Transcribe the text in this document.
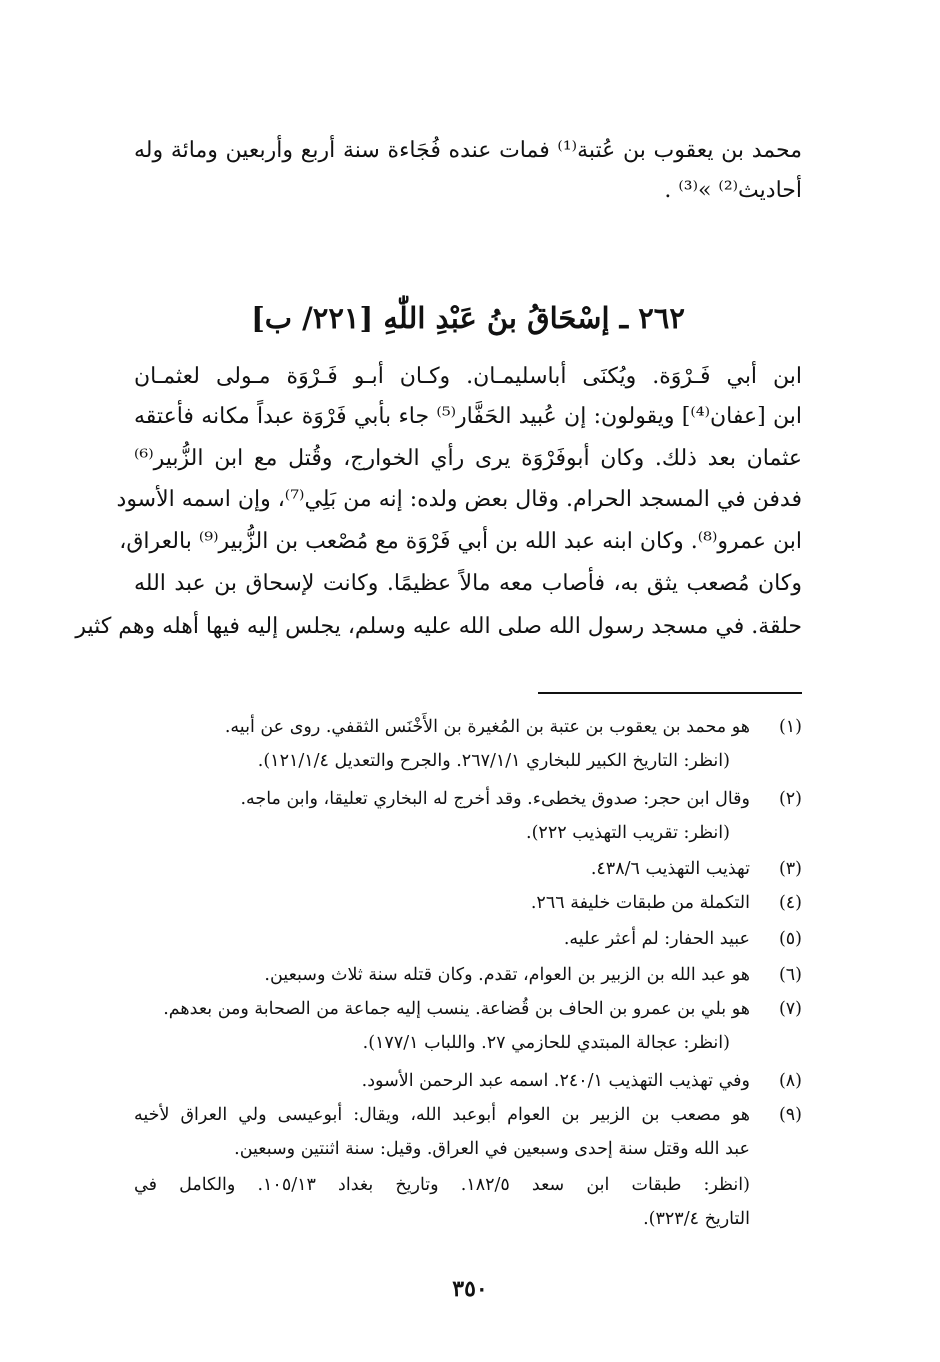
محمد بن يعقوب بن عُتبة⁽¹⁾ فمات عنده فُجَاءة سنة أربع وأربعين ومائة وله
أحاديث⁽²⁾ »⁽³⁾ .
٢٦٢ ـ إسْحَاقُ بنُ عَبْدِ اللّٰهِ [٢٢١/ ب]
ابن أبي فَـرْوَة. ويُكنَى أباسليمـان. وكـان أبـو فَـرْوَة مـولى لعثمـان
ابن [عفان⁽⁴⁾] ويقولون: إن عُبيد الحَفَّار⁽⁵⁾ جاء بأبي فَرْوَة عبداً مكانه فأعتقه
عثمان بعد ذلك. وكان أبوفَرْوَة يرى رأي الخوارج، وقُتل مع ابن الزُّبير⁽⁶⁾
فدفن في المسجد الحرام. وقال بعض ولده: إنه من بَلِي⁽⁷⁾، وإن اسمه الأسود
ابن عمرو⁽⁸⁾. وكان ابنه عبد الله بن أبي فَرْوَة مع مُصْعب بن الزُّبير⁽⁹⁾ بالعراق،
وكان مُصعب يثق به، فأصاب معه مالاً عظيمًا. وكانت لإسحاق بن عبد الله
حلقة. في مسجد رسول الله صلى الله عليه وسلم، يجلس إليه فيها أهله وهم كثير
(١)
هو محمد بن يعقوب بن عتبة بن المُغيرة بن الأَخْنَس الثقفي. روى عن أبيه.
(انظر: التاريخ الكبير للبخاري ٢٦٧/١/١. والجرح والتعديل ١٢١/١/٤).
(٢)
وقال ابن حجر: صدوق يخطىء. وقد أخرج له البخاري تعليقا، وابن ماجه.
(انظر: تقريب التهذيب ٢٢٢).
(٣)
تهذيب التهذيب ٤٣٨/٦.
(٤)
التكملة من طبقات خليفة ٢٦٦.
(٥)
عبيد الحفار: لم أعثر عليه.
(٦)
هو عبد الله بن الزبير بن العوام، تقدم. وكان قتله سنة ثلاث وسبعين.
(٧)
هو بلي بن عمرو بن الحاف بن قُضاعة. ينسب إليه جماعة من الصحابة ومن بعدهم.
(انظر: عجالة المبتدي للحازمي ٢٧. واللباب ١٧٧/١).
(٨)
وفي تهذيب التهذيب ٢٤٠/١. اسمه عبد الرحمن الأسود.
(٩)
هو مصعب بن الزبير بن العوام أبوعبد الله، ويقال: أبوعيسى ولي العراق لأخيه
عبد الله وقتل سنة إحدى وسبعين في العراق. وقيل: سنة اثنتين وسبعين.
(انظر: طبقات ابن سعد ١٨٢/٥. وتاريخ بغداد ١٠٥/١٣. والكامل في
التاريخ ٣٢٣/٤).
٣٥٠
